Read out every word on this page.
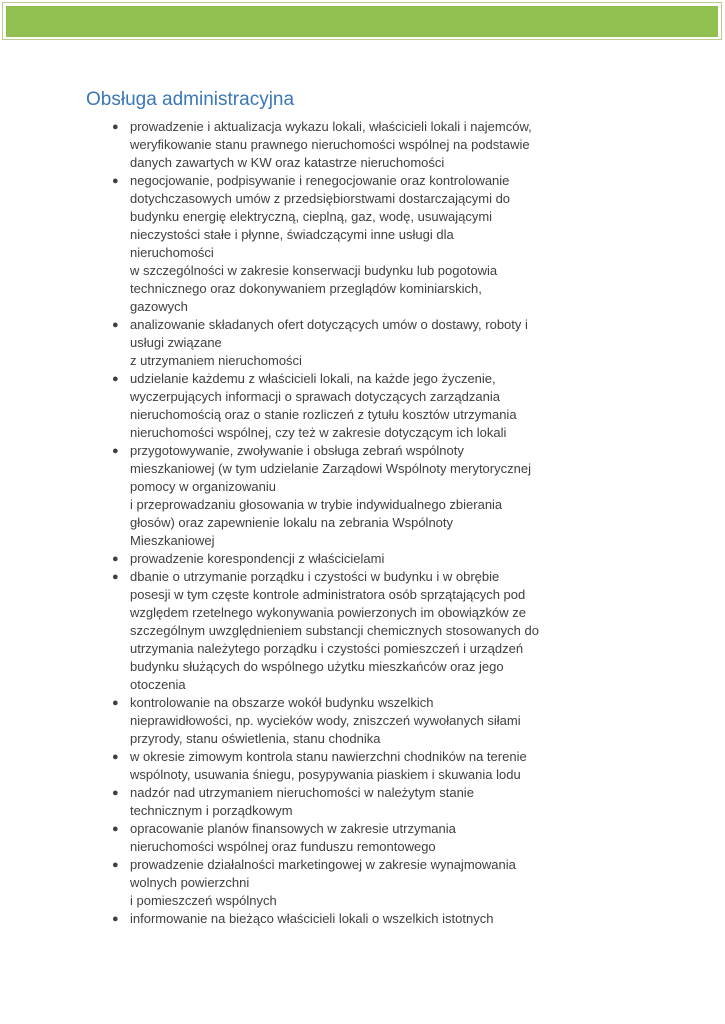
Obsługa administracyjna
● prowadzenie i aktualizacja wykazu lokali, właścicieli lokali i najemców,
weryfikowanie stanu prawnego nieruchomości wspólnej na podstawie
danych zawartych w KW oraz katastrze nieruchomości
● negocjowanie, podpisywanie i renegocjowanie oraz kontrolowanie
dotychczasowych umów z przedsiębiorstwami dostarczającymi do
budynku energię elektryczną, cieplną, gaz, wodę, usuwającymi
nieczystości stałe i płynne, świadczącymi inne usługi dla
nieruchomości
w szczególności w zakresie konserwacji budynku lub pogotowia
technicznego oraz dokonywaniem przeglądów kominiarskich,
gazowych
● analizowanie składanych ofert dotyczących umów o dostawy, roboty i
usługi związane
z utrzymaniem nieruchomości
● udzielanie każdemu z właścicieli lokali, na każde jego życzenie,
wyczerpujących informacji o sprawach dotyczących zarządzania
nieruchomością oraz o stanie rozliczeń z tytułu kosztów utrzymania
nieruchomości wspólnej, czy też w zakresie dotyczącym ich lokali
● przygotowywanie, zwoływanie i obsługa zebrań wspólnoty
mieszkaniowej (w tym udzielanie Zarządowi Wspólnoty merytorycznej
pomocy w organizowaniu
i przeprowadzaniu głosowania w trybie indywidualnego zbierania
głosów) oraz zapewnienie lokalu na zebrania Wspólnoty
Mieszkaniowej
● prowadzenie korespondencji z właścicielami
● dbanie o utrzymanie porządku i czystości w budynku i w obrębie
posesji w tym częste kontrole administratora osób sprzątających pod
względem rzetelnego wykonywania powierzonych im obowiązków ze
szczególnym uwzględnieniem substancji chemicznych stosowanych do
utrzymania należytego porządku i czystości pomieszczeń i urządzeń
budynku służących do wspólnego użytku mieszkańców oraz jego
otoczenia
● kontrolowanie na obszarze wokół budynku wszelkich
nieprawidłowości, np. wycieków wody, zniszczeń wywołanych siłami
przyrody, stanu oświetlenia, stanu chodnika
● w okresie zimowym kontrola stanu nawierzchni chodników na terenie
wspólnoty, usuwania śniegu, posypywania piaskiem i skuwania lodu
● nadzór nad utrzymaniem nieruchomości w należytym stanie
technicznym i porządkowym
● opracowanie planów finansowych w zakresie utrzymania
nieruchomości wspólnej oraz funduszu remontowego
● prowadzenie działalności marketingowej w zakresie wynajmowania
wolnych powierzchni
i pomieszczeń wspólnych
● informowanie na bieżąco właścicieli lokali o wszelkich istotnych
